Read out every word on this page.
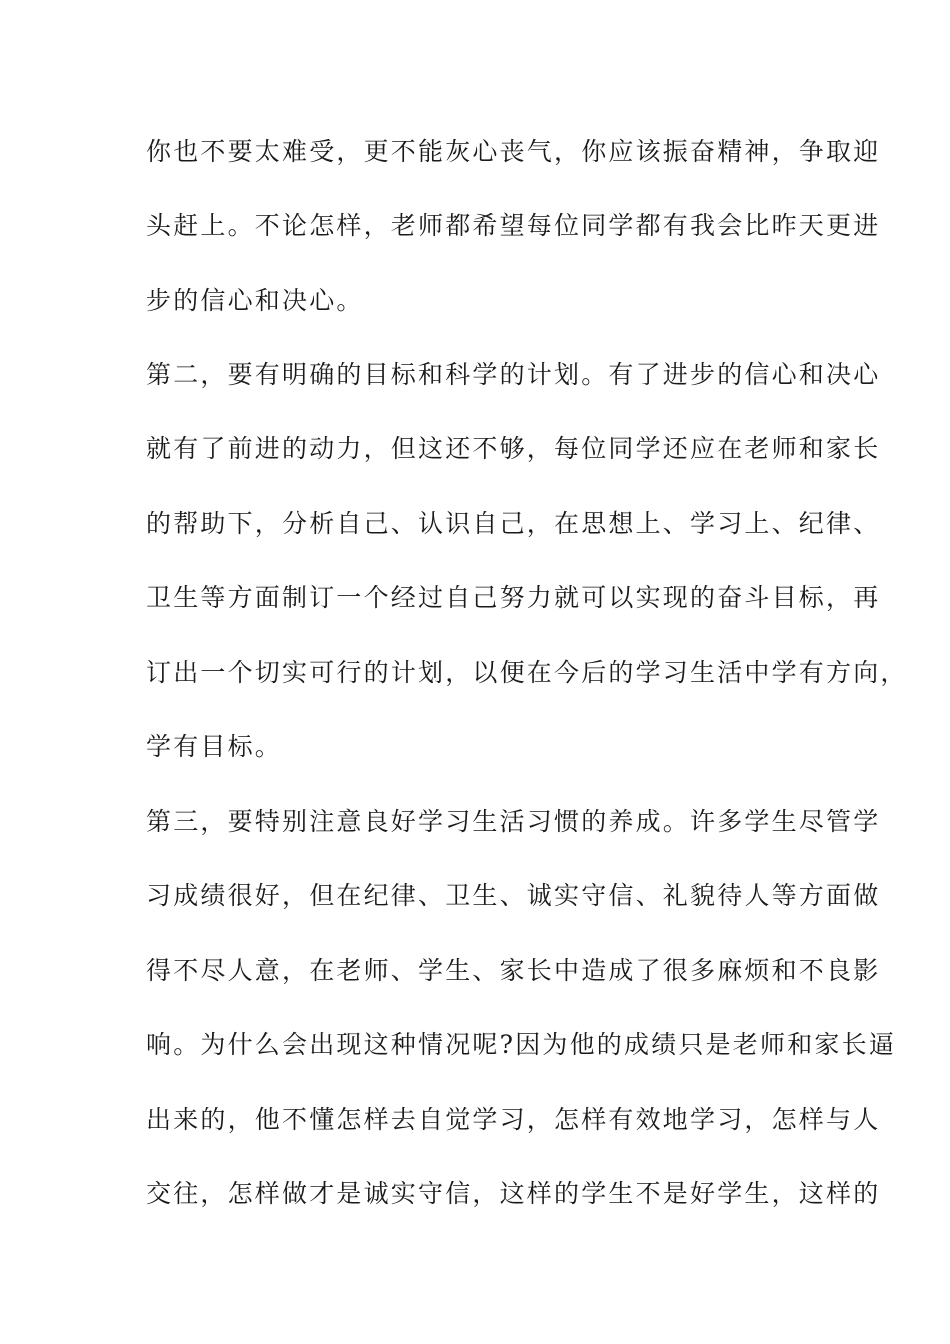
你也不要太难受，更不能灰心丧气，你应该振奋精神，争取迎
头赶上。不论怎样，老师都希望每位同学都有我会比昨天更进
步的信心和决心。
第二，要有明确的目标和科学的计划。有了进步的信心和决心
就有了前进的动力，但这还不够，每位同学还应在老师和家长
的帮助下，分析自己、认识自己，在思想上、学习上、纪律、
卫生等方面制订一个经过自己努力就可以实现的奋斗目标，再
订出一个切实可行的计划，以便在今后的学习生活中学有方向，
学有目标。
第三，要特别注意良好学习生活习惯的养成。许多学生尽管学
习成绩很好，但在纪律、卫生、诚实守信、礼貌待人等方面做
得不尽人意，在老师、学生、家长中造成了很多麻烦和不良影
响。为什么会出现这种情况呢?因为他的成绩只是老师和家长逼
出来的，他不懂怎样去自觉学习，怎样有效地学习，怎样与人
交往，怎样做才是诚实守信，这样的学生不是好学生，这样的
